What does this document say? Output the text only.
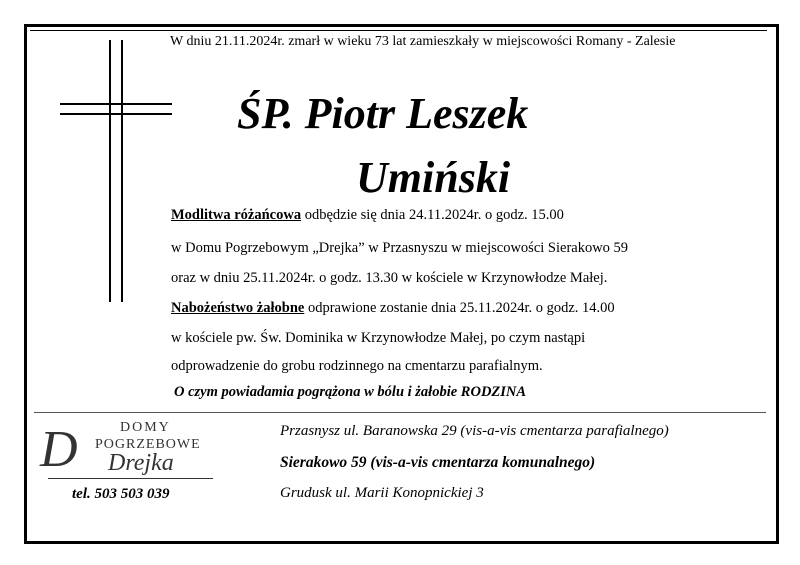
W dniu 21.11.2024r. zmarł w wieku 73 lat zamieszkały w miejscowości Romany - Zalesie
ŚP. Piotr Leszek
Umiński
Modlitwa różańcowa odbędzie się dnia 24.11.2024r. o godz. 15.00
w Domu Pogrzebowym „Drejka” w Przasnyszu w miejscowości Sierakowo 59
oraz w dniu 25.11.2024r. o godz. 13.30 w kościele w Krzynowłodze Małej.
Nabożeństwo żałobne odprawione zostanie dnia 25.11.2024r. o godz. 14.00
w kościele pw. Św. Dominika w Krzynowłodze Małej, po czym nastąpi
odprowadzenie do grobu rodzinnego na cmentarzu parafialnym.
O czym powiadamia pogrążona w bólu i żałobie RODZINA
D	DOMY
POGRZEBOWE
Drejka
tel. 503 503 039
Przasnysz ul. Baranowska 29 (vis-a-vis cmentarza parafialnego)
Sierakowo 59 (vis-a-vis cmentarza komunalnego)
Grudusk ul. Marii Konopnickiej 3
